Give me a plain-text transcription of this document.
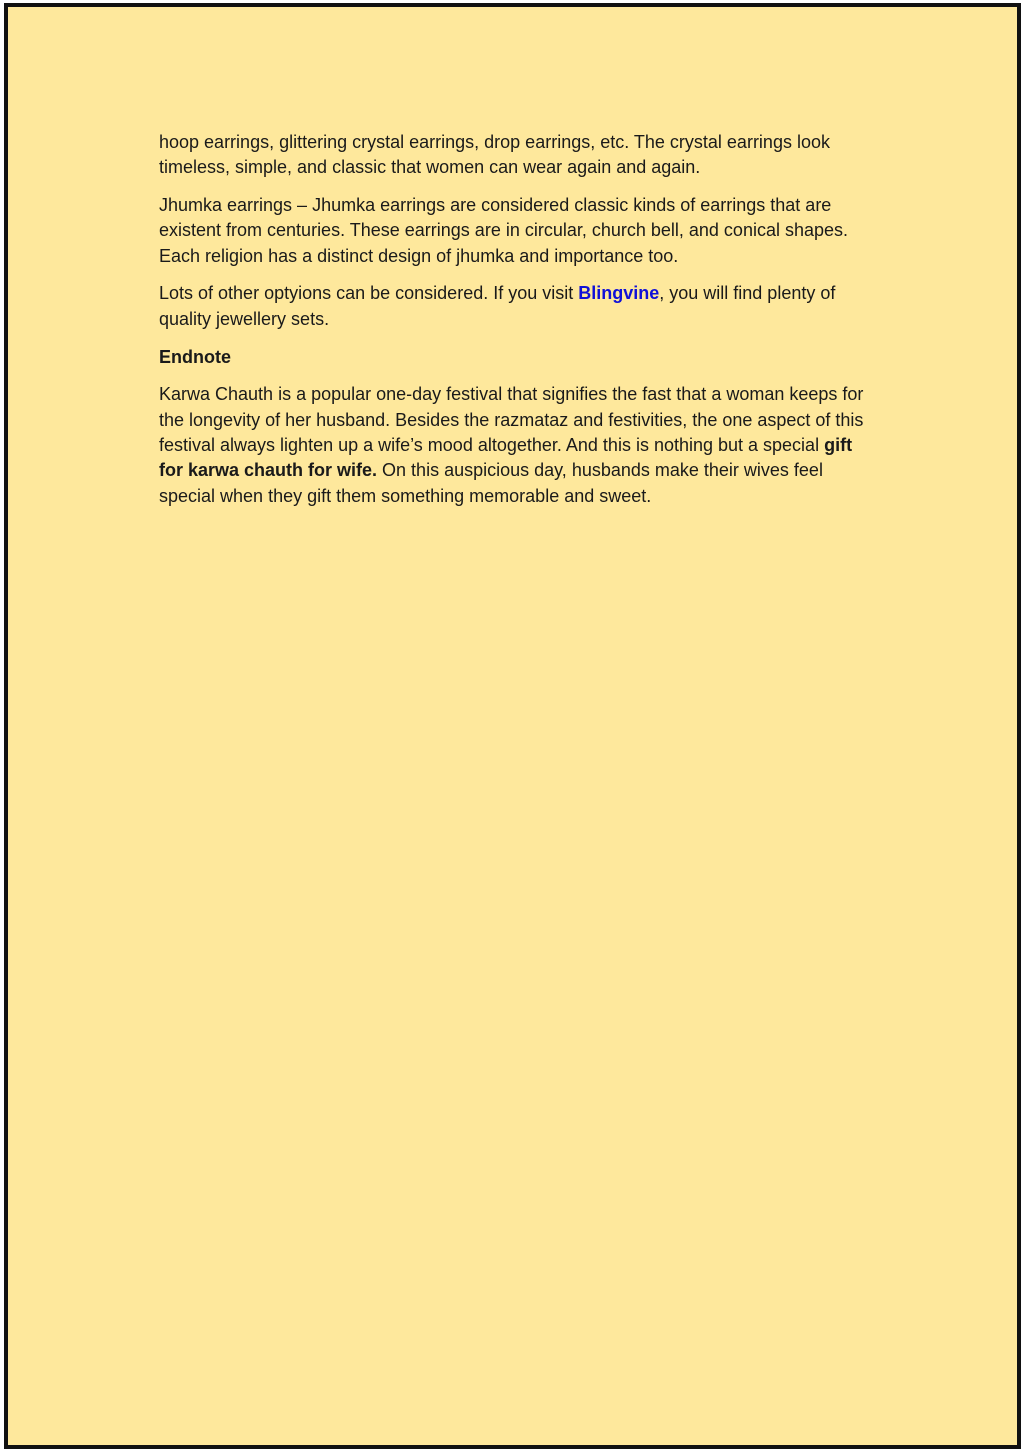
hoop earrings, glittering crystal earrings, drop earrings, etc. The crystal earrings look timeless, simple, and classic that women can wear again and again.

Jhumka earrings – Jhumka earrings are considered classic kinds of earrings that are existent from centuries. These earrings are in circular, church bell, and conical shapes. Each religion has a distinct design of jhumka and importance too.

Lots of other optyions can be considered. If you visit Blingvine, you will find plenty of quality jewellery sets.

Endnote

Karwa Chauth is a popular one-day festival that signifies the fast that a woman keeps for the longevity of her husband. Besides the razmataz and festivities, the one aspect of this festival always lighten up a wife’s mood altogether. And this is nothing but a special gift for karwa chauth for wife. On this auspicious day, husbands make their wives feel special when they gift them something memorable and sweet.
